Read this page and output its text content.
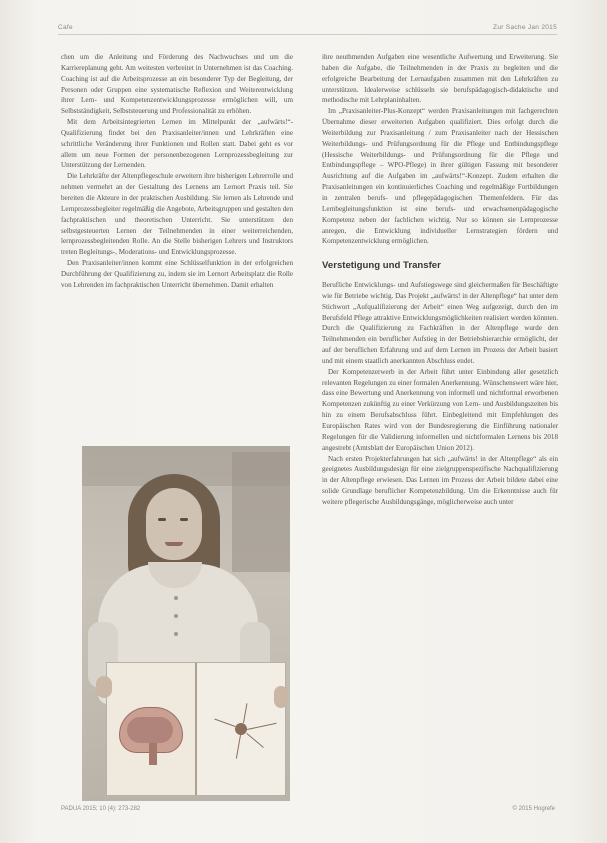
Cafe	Zur Sache Jan 2015

chen um die Anleitung und Förderung des Nachwuchses und um die Karriereplanung geht. Am weitesten verbreitet in Unternehmen ist das Coaching. Coaching ist auf die Arbeitsprozesse an ein besonderer Typ der Begleitung, der Personen oder Gruppen eine systematische Reflexion und Weiterentwicklung ihrer Lern- und Kompetenzentwicklungsprozesse ermöglichen will, um Selbstständigkeit, Selbststeuerung und Professionalität zu erhöhen.

Mit dem Arbeitsintegrierten Lernen im Mittelpunkt der „aufwärts!“-Qualifizierung findet bei den Praxisanleiter/innen und Lehrkräften eine schrittliche Veränderung ihrer Funktionen und Rollen statt. Dabei geht es vor allem um neue Formen der personenbezogenen Lernprozessbegleitung zur Unterstützung der Lernenden.

Die Lehrkräfte der Altenpflegeschule erweitern ihre bisherigen Lehrerrolle und nehmen vermehrt an der Gestaltung des Lernens am Lernort Praxis teil. Sie bereiten die Akteure in der praktischen Ausbildung. Sie lernen als Lehrende und Lernprozessbegleiter regelmäßig die Angebote, Arbeitsgruppen und gestalten den fachpraktischen und theoretischen Unterricht. Sie unterstützen den selbstgesteuerten Lernen der Teilnehmenden in einer weiterreichenden, lernprozessbegleitenden Rolle. An die Stelle bisherigen Lehrers und Instruktors treten Begleitungs-, Moderations- und Entwicklungsprozesse.

Den Praxisanleiter/innen kommt eine Schlüsselfunktion in der erfolgreichen Durchführung der Qualifizierung zu, indem sie im Lernort Arbeitsplatz die Rolle von Lehrenden im fachpraktischen Unterricht übernehmen. Damit erhalten

ihre neuthmenden Aufgaben eine wesentliche Aufwertung und Erweiterung. Sie haben die Aufgabe, die Teilnehmenden in der Praxis zu begleiten und die erfolgreiche Bearbeitung der Lernaufgaben zusammen mit den Lehrkräften zu unterstützen. Idealerweise schlüsseln sie berufspädagogisch-didaktische und methodische mit Lehrplaninhalten.

Im „Praxisanleiter-Plus-Konzept“ werden Praxisanleitungen mit fachgerechten Übernahme dieser erweiterten Aufgaben qualifiziert. Dies erfolgt durch die Weiterbildung zur Praxisanleitung / zum Praxisanleiter nach der Hessischen Weiterbildungs- und Prüfungsordnung für die Pflege und Entbindungspflege (Hessische Weiterbildungs- und Prüfungsordnung für die Pflege und Entbindungspflege – WPO-Pflege) in ihrer gültigen Fassung mit besonderer Ausrichtung auf die Aufgaben im „aufwärts!“-Konzept. Zudem erhalten die Praxisanleitungen ein kontinuierliches Coaching und regelmäßige Fortbildungen in zentralen berufs- und pflegepädagogischen Themenfeldern. Für das Lernbegleitungsfunktion ist eine berufs- und erwachsenenpädagogische Kompetenz neben der fachlichen wichtig. Nur so können sie Lernprozesse anregen, die Entwicklung individueller Lernstrategien fördern und Kompetenzentwicklung ermöglichen.

Verstetigung und Transfer

Berufliche Entwicklungs- und Aufstiegswege sind gleichermaßen für Beschäftigte wie für Betriebe wichtig. Das Projekt „aufwärts! in der Altenpflege“ hat unter dem Stichwort „Aufqualifizierung der Arbeit“ einen Weg aufgezeigt, durch den im Berufsfeld Pflege attraktive Entwicklungsmöglichkeiten realisiert werden könnten. Durch die Qualifizierung zu Fachkräften in der Altenpflege wurde den Teilnehmenden ein beruflicher Aufstieg in der Betriebshierarchie ermöglicht, der auf der beruflichen Erfahrung und auf dem Lernen im Prozess der Arbeit basiert und mit einem staatlich anerkannten Abschluss endet.

Der Kompetenzerwerb in der Arbeit führt unter Einbindung aller gesetzlich relevanten Regelungen zu einer formalen Anerkennung. Wünschenswert wäre hier, dass eine Bewertung und Anerkennung von informell und nichtformal erworbenen Kompetenzen zukünftig zu einer Verkürzung von Lern- und Ausbildungszeiten bis hin zu einem Berufsabschluss führt. Einbegleitend mit Empfehlungen des Europäischen Rates wird von der Bundesregierung die Einführung nationaler Regelungen für die Validierung informellen und nichtformalen Lernens bis 2018 angestrebt (Amtsblatt der Europäischen Union 2012).

Nach ersten Projekterfahrungen hat sich „aufwärts! in der Altenpflege“ als ein geeignetes Ausbildungsdesign für eine zielgruppenspezifische Nachqualifizierung in der Altenpflege erwiesen. Das Lernen im Prozess der Arbeit bildete dabei eine solide Grundlage beruflicher Kompetenzbildung. Um die Erkenntnisse auch für weitere pflegerische Ausbildungsgänge, möglicherweise auch unter

PADUA 2015; 10 (4): 273-282	© 2015 Hogrefe
